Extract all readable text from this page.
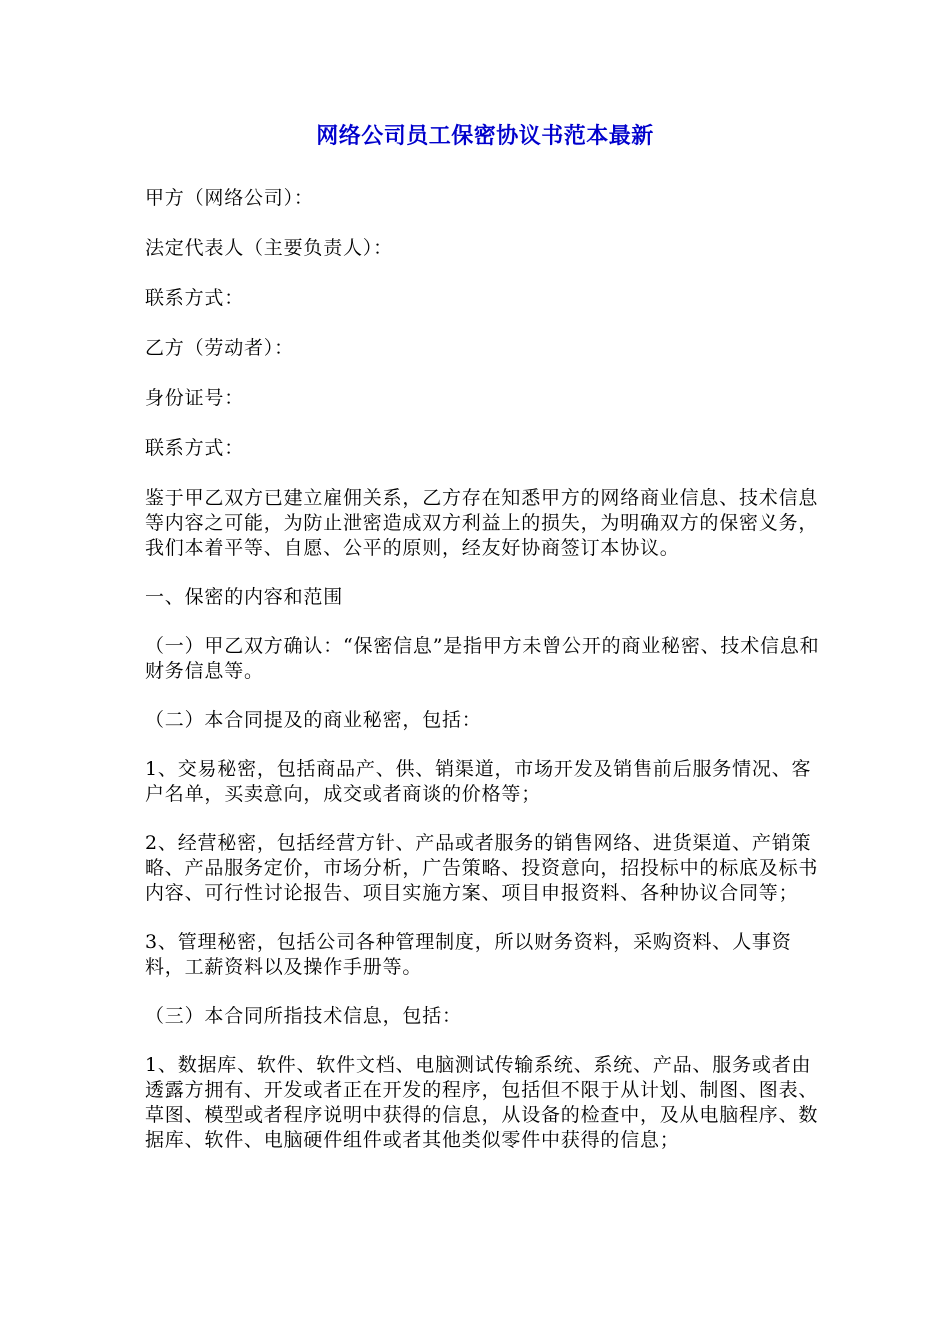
网络公司员工保密协议书范本最新
甲方（网络公司）：
法定代表人（主要负责人）：
联系方式：
乙方（劳动者）：
身份证号：
联系方式：
鉴于甲乙双方已建立雇佣关系，乙方存在知悉甲方的网络商业信息、技术信息等内容之可能，为防止泄密造成双方利益上的损失，为明确双方的保密义务，我们本着平等、自愿、公平的原则，经友好协商签订本协议。
一、保密的内容和范围
（一）甲乙双方确认：“保密信息”是指甲方未曾公开的商业秘密、技术信息和财务信息等。
（二）本合同提及的商业秘密，包括：
1、交易秘密，包括商品产、供、销渠道，市场开发及销售前后服务情况、客户名单，买卖意向，成交或者商谈的价格等；
2、经营秘密，包括经营方针、产品或者服务的销售网络、进货渠道、产销策略、产品服务定价，市场分析，广告策略、投资意向，招投标中的标底及标书内容、可行性讨论报告、项目实施方案、项目申报资料、各种协议合同等；
3、管理秘密，包括公司各种管理制度，所以财务资料，采购资料、人事资料，工薪资料以及操作手册等。
（三）本合同所指技术信息，包括：
1、数据库、软件、软件文档、电脑测试传输系统、系统、产品、服务或者由透露方拥有、开发或者正在开发的程序，包括但不限于从计划、制图、图表、草图、模型或者程序说明中获得的信息，从设备的检查中，及从电脑程序、数据库、软件、电脑硬件组件或者其他类似零件中获得的信息；
